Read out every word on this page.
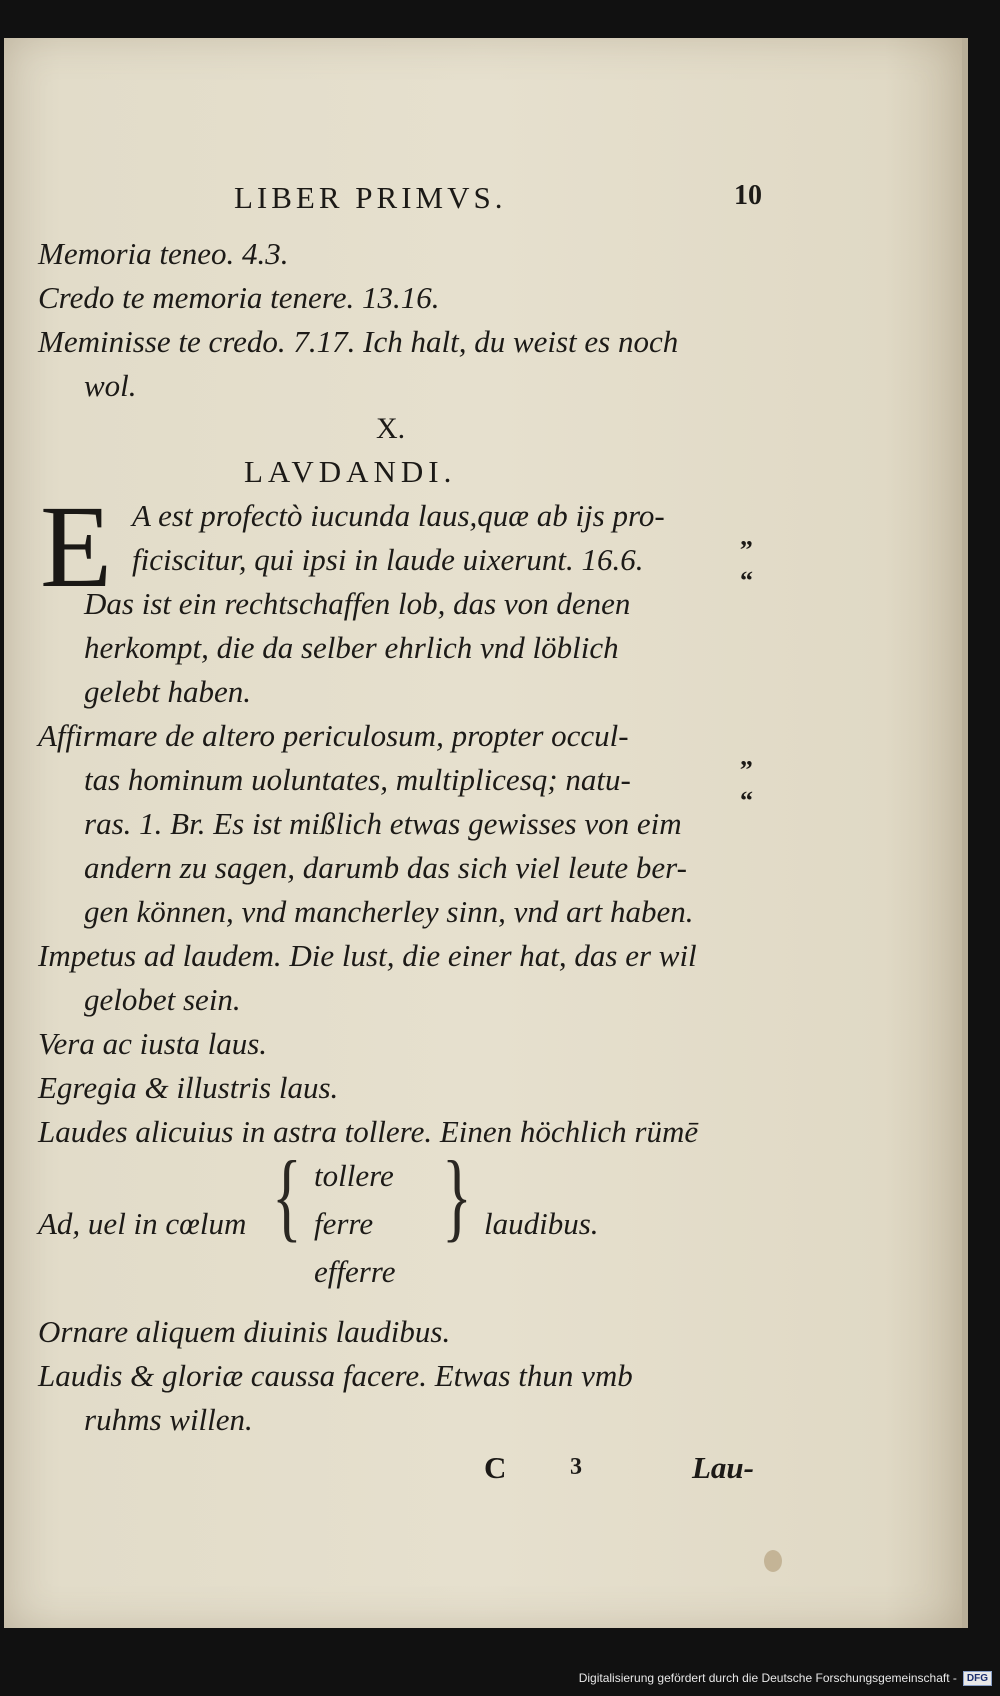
LIBER PRIMVS.	10
Memoria teneo. 4.3.
Credo te memoria tenere. 13.16.
Meminisse te credo. 7.17. Ich halt, du weist es noch
wol.
X.
LAVDANDI.
E A est profectò iucunda laus,quæ ab ijs pro-
ficiscitur, qui ipsi in laude uixerunt. 16.6.
Das ist ein rechtschaffen lob, das von denen
herkompt, die da selber ehrlich vnd löblich
gelebt haben.
Affirmare de altero periculosum, propter occul-
tas hominum uoluntates, multiplicesq; natu-
ras. 1. Br. Es ist mißlich etwas gewisses von eim
andern zu sagen, darumb das sich viel leute ber-
gen können, vnd mancherley sinn, vnd art haben.
Impetus ad laudem. Die lust, die einer hat, das er wil
gelobet sein.
Vera ac iusta laus.
Egregia & illustris laus.
Laudes alicuius in astra tollere. Einen höchlich rümē
Ad, uel in cœlum { tollere
ferre
efferre
} laudibus.
Ornare aliquem diuinis laudibus.
Laudis & gloriæ caussa facere. Etwas thun vmb
ruhms willen.
C	3	Lau-
„
“
„
“
Digitalisierung gefördert durch die Deutsche Forschungsgemeinschaft -	DFG
